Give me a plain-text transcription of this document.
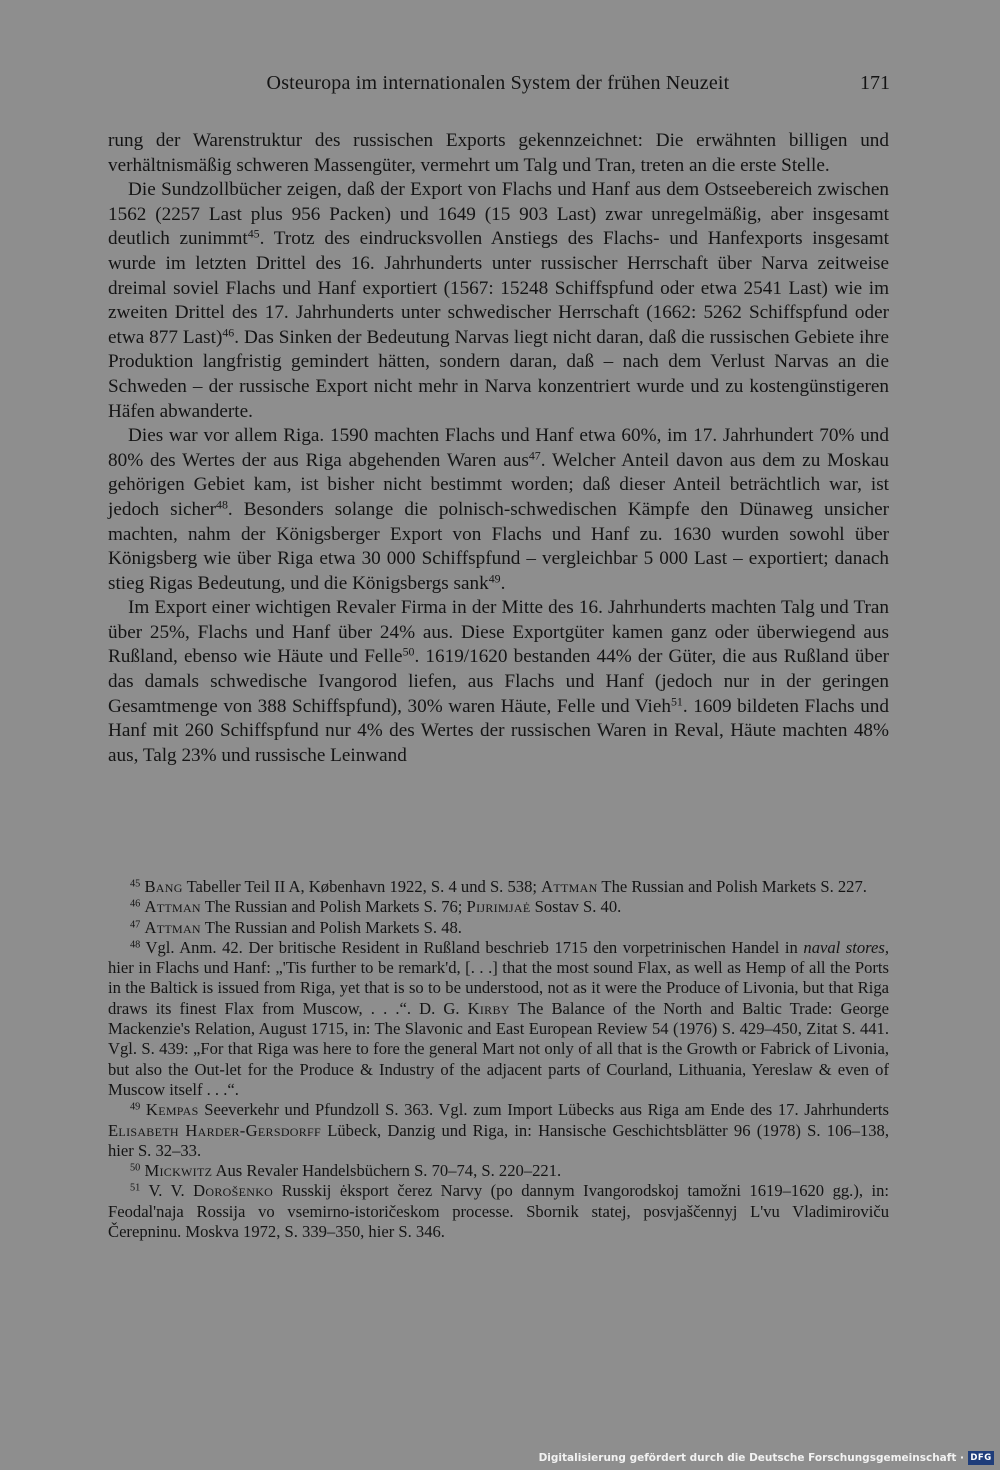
Osteuropa im internationalen System der frühen Neuzeit	171

rung der Warenstruktur des russischen Exports gekennzeichnet: Die erwähnten billigen und verhältnismäßig schweren Massengüter, vermehrt um Talg und Tran, treten an die erste Stelle.

Die Sundzollbücher zeigen, daß der Export von Flachs und Hanf aus dem Ostseebereich zwischen 1562 (2257 Last plus 956 Packen) und 1649 (15 903 Last) zwar unregelmäßig, aber insgesamt deutlich zunimmt$^{45}$. Trotz des eindrucksvollen Anstiegs des Flachs- und Hanfexports insgesamt wurde im letzten Drittel des 16. Jahrhunderts unter russischer Herrschaft über Narva zeitweise dreimal soviel Flachs und Hanf exportiert (1567: 15248 Schiffspfund oder etwa 2541 Last) wie im zweiten Drittel des 17. Jahrhunderts unter schwedischer Herrschaft (1662: 5262 Schiffspfund oder etwa 877 Last)$^{46}$. Das Sinken der Bedeutung Narvas liegt nicht daran, daß die russischen Gebiete ihre Produktion langfristig gemindert hätten, sondern daran, daß – nach dem Verlust Narvas an die Schweden – der russische Export nicht mehr in Narva konzentriert wurde und zu kostengünstigeren Häfen abwanderte.

Dies war vor allem Riga. 1590 machten Flachs und Hanf etwa 60%, im 17. Jahrhundert 70% und 80% des Wertes der aus Riga abgehenden Waren aus$^{47}$. Welcher Anteil davon aus dem zu Moskau gehörigen Gebiet kam, ist bisher nicht bestimmt worden; daß dieser Anteil beträchtlich war, ist jedoch sicher$^{48}$. Besonders solange die polnisch-schwedischen Kämpfe den Dünaweg unsicher machten, nahm der Königsberger Export von Flachs und Hanf zu. 1630 wurden sowohl über Königsberg wie über Riga etwa 30 000 Schiffspfund – vergleichbar 5 000 Last – exportiert; danach stieg Rigas Bedeutung, und die Königsbergs sank$^{49}$.

Im Export einer wichtigen Revaler Firma in der Mitte des 16. Jahrhunderts machten Talg und Tran über 25%, Flachs und Hanf über 24% aus. Diese Exportgüter kamen ganz oder überwiegend aus Rußland, ebenso wie Häute und Felle$^{50}$. 1619/1620 bestanden 44% der Güter, die aus Rußland über das damals schwedische Ivangorod liefen, aus Flachs und Hanf (jedoch nur in der geringen Gesamtmenge von 388 Schiffspfund), 30% waren Häute, Felle und Vieh$^{51}$. 1609 bildeten Flachs und Hanf mit 260 Schiffspfund nur 4% des Wertes der russischen Waren in Reval, Häute machten 48% aus, Talg 23% und russische Leinwand

$^{45}$ Bang Tabeller Teil II A, København 1922, S. 4 und S. 538; Attman The Russian and Polish Markets S. 227.

$^{46}$ Attman The Russian and Polish Markets S. 76; Pijrimjaė Sostav S. 40.

$^{47}$ Attman The Russian and Polish Markets S. 48.

$^{48}$ Vgl. Anm. 42. Der britische Resident in Rußland beschrieb 1715 den vorpetrinischen Handel in naval stores, hier in Flachs und Hanf: „'Tis further to be remark'd, [. . .] that the most sound Flax, as well as Hemp of all the Ports in the Baltick is issued from Riga, yet that is so to be understood, not as it were the Produce of Livonia, but that Riga draws its finest Flax from Muscow, . . .“. D. G. Kirby The Balance of the North and Baltic Trade: George Mackenzie's Relation, August 1715, in: The Slavonic and East European Review 54 (1976) S. 429–450, Zitat S. 441. Vgl. S. 439: „For that Riga was here to fore the general Mart not only of all that is the Growth or Fabrick of Livonia, but also the Out-let for the Produce & Industry of the adjacent parts of Courland, Lithuania, Yereslaw & even of Muscow itself . . .“.

$^{49}$ Kempas Seeverkehr und Pfundzoll S. 363. Vgl. zum Import Lübecks aus Riga am Ende des 17. Jahrhunderts Elisabeth Harder-Gersdorff Lübeck, Danzig und Riga, in: Hansische Geschichtsblätter 96 (1978) S. 106–138, hier S. 32–33.

$^{50}$ Mickwitz Aus Revaler Handelsbüchern S. 70–74, S. 220–221.

$^{51}$ V. V. Dorošenko Russkij ėksport čerez Narvy (po dannym Ivangorodskoj tamožni 1619–1620 gg.), in: Feodal'naja Rossija vo vsemirno-istoričeskom processe. Sbornik statej, posvjaščennyj L'vu Vladimiroviču Čerepninu. Moskva 1972, S. 339–350, hier S. 346.

Digitalisierung gefördert durch die Deutsche Forschungsgemeinschaft · DFG
